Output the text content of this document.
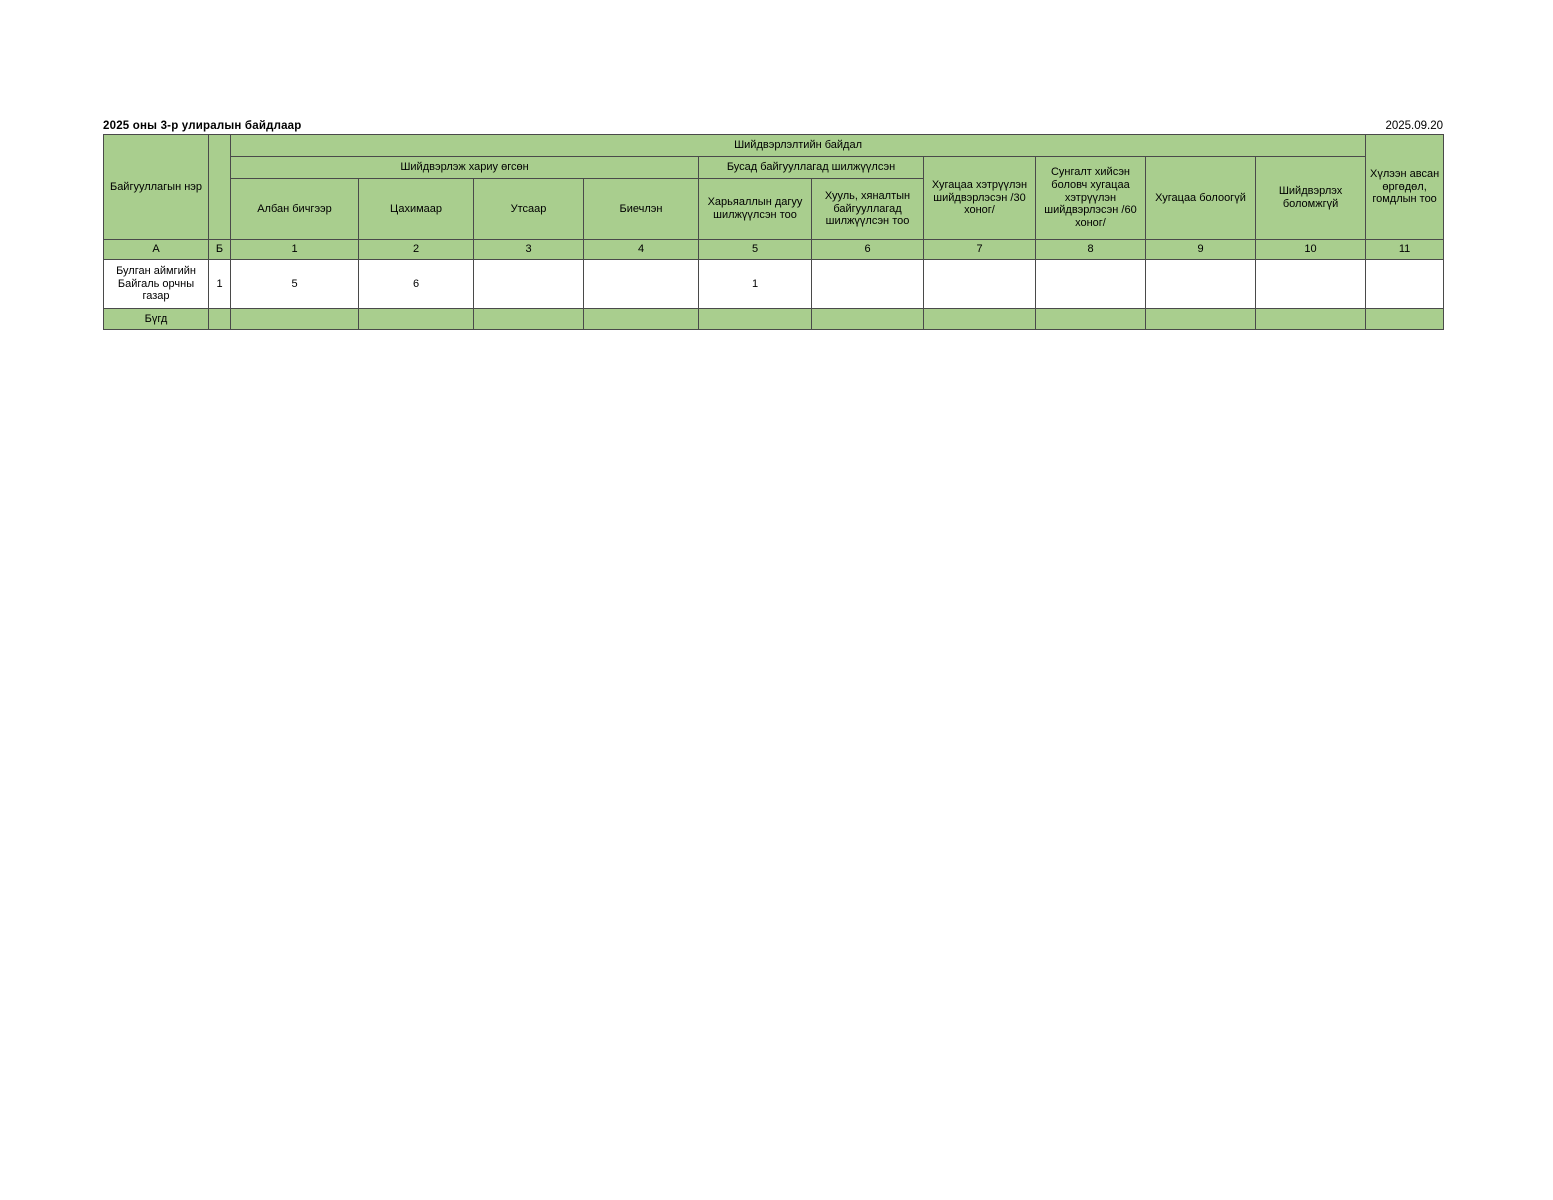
2025 оны 3-р улиралын байдлаар	2025.09.20
Байгууллагын нэр		Шийдвэрлэлтийн байдал										Хүлээн авсан өргөдөл, гомдлын тоо
		Шийдвэрлэж хариу өгсөн				Бусад байгууллагад шилжүүлсэн		Хугацаа хэтрүүлэн шийдвэрлэсэн /30 хоног/	Сунгалт хийсэн боловч хугацаа хэтрүүлэн шийдвэрлэсэн /60 хоног/	Хугацаа болоогүй	Шийдвэрлэх боломжгүй	
		Албан бичгээр	Цахимаар	Утсаар	Биечлэн	Харьяаллын дагуу шилжүүлсэн тоо	Хууль, хяналтын байгууллагад шилжүүлсэн тоо					
А	Б	1	2	3	4	5	6	7	8	9	10	11
Булган аймгийн Байгаль орчны газар	1	5	6			1						
Бүгд												
